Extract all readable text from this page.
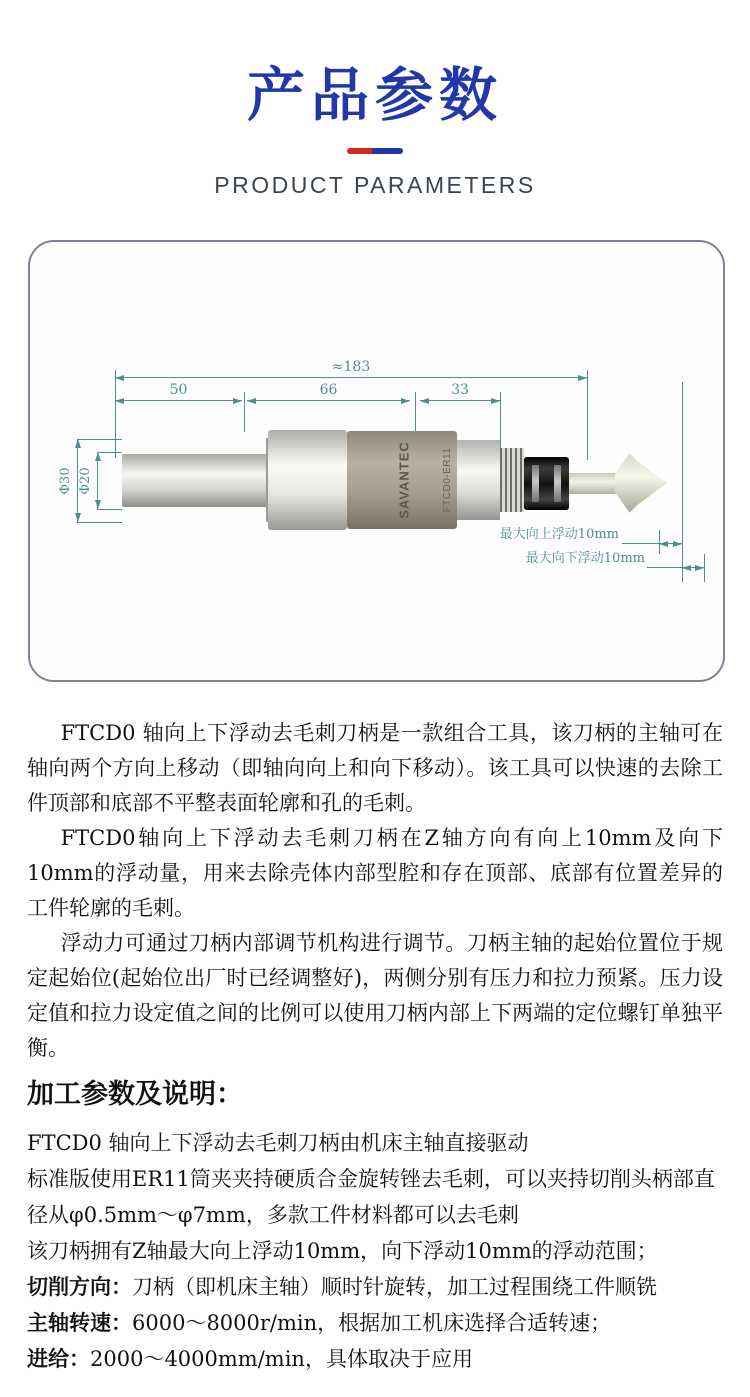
产品参数
PRODUCT PARAMETERS
≈183
50	66	33
Φ30 Φ20	SAVANTEC	FTCD0-ER11
最大向上浮动10mm
最大向下浮动10mm

FTCD0 轴向上下浮动去毛刺刀柄是一款组合工具，该刀柄的主轴可在轴向两个方向上移动（即轴向向上和向下移动）。该工具可以快速的去除工件顶部和底部不平整表面轮廓和孔的毛刺。

FTCD0轴向上下浮动去毛刺刀柄在Z轴方向有向上10mm及向下10mm的浮动量，用来去除壳体内部型腔和存在顶部、底部有位置差异的工件轮廓的毛刺。

浮动力可通过刀柄内部调节机构进行调节。刀柄主轴的起始位置位于规定起始位(起始位出厂时已经调整好)，两侧分别有压力和拉力预紧。压力设定值和拉力设定值之间的比例可以使用刀柄内部上下两端的定位螺钉单独平衡。

加工参数及说明：
FTCD0 轴向上下浮动去毛刺刀柄由机床主轴直接驱动
标准版使用ER11筒夹夹持硬质合金旋转锉去毛刺，可以夹持切削头柄部直径从φ0.5mm～φ7mm，多款工件材料都可以去毛刺
该刀柄拥有Z轴最大向上浮动10mm，向下浮动10mm的浮动范围；
切削方向：刀柄（即机床主轴）顺时针旋转，加工过程围绕工件顺铣
主轴转速：6000～8000r/min，根据加工机床选择合适转速；
进给：2000～4000mm/min，具体取决于应用
